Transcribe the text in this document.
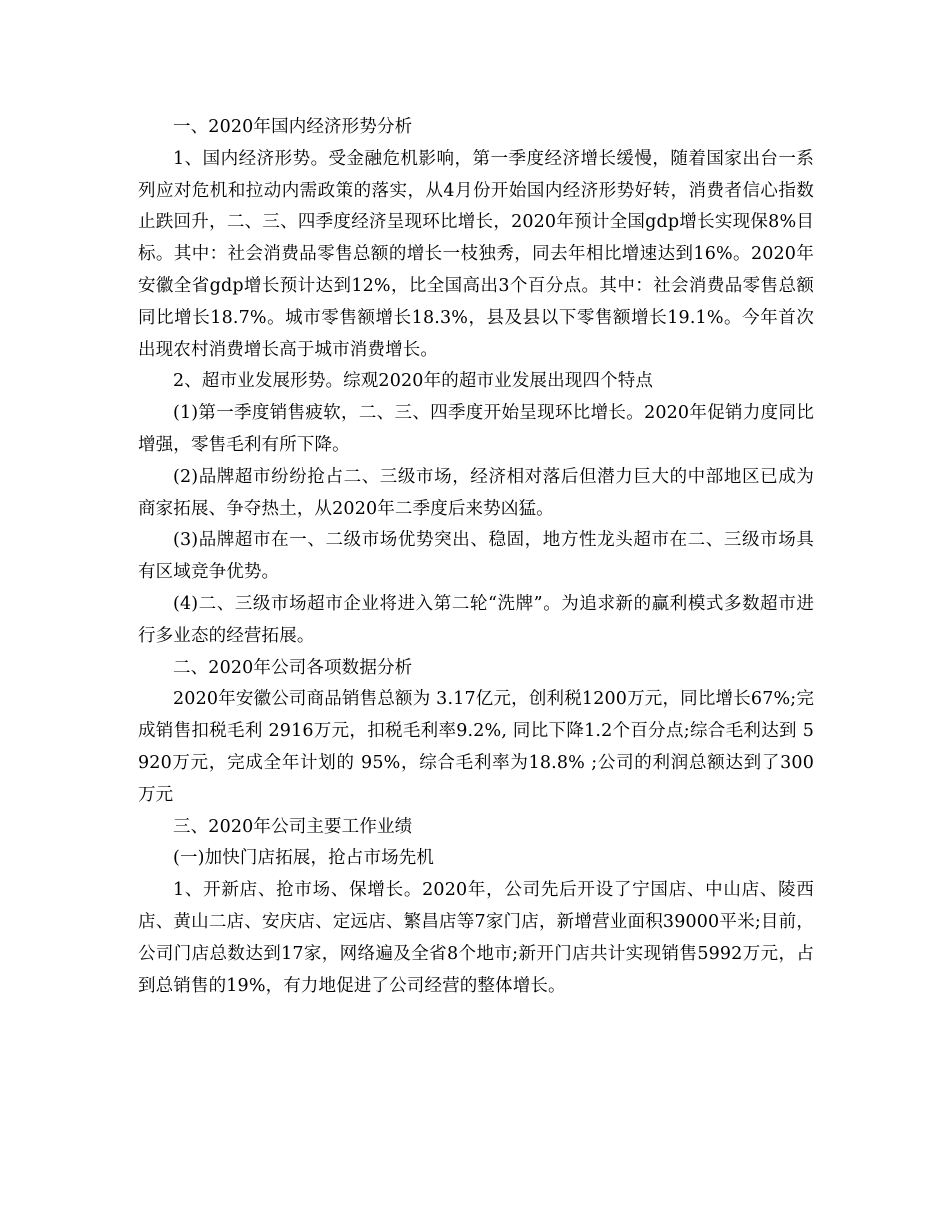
一、2020年国内经济形势分析

1、国内经济形势。受金融危机影响，第一季度经济增长缓慢，随着国家出台一系列应对危机和拉动内需政策的落实，从4月份开始国内经济形势好转，消费者信心指数止跌回升，二、三、四季度经济呈现环比增长，2020年预计全国gdp增长实现保8%目标。其中：社会消费品零售总额的增长一枝独秀，同去年相比增速达到16%。2020年安徽全省gdp增长预计达到12%，比全国高出3个百分点。其中：社会消费品零售总额同比增长18.7%。城市零售额增长18.3%，县及县以下零售额增长19.1%。今年首次出现农村消费增长高于城市消费增长。

2、超市业发展形势。综观2020年的超市业发展出现四个特点

(1)第一季度销售疲软，二、三、四季度开始呈现环比增长。2020年促销力度同比增强，零售毛利有所下降。

(2)品牌超市纷纷抢占二、三级市场，经济相对落后但潜力巨大的中部地区已成为商家拓展、争夺热土，从2020年二季度后来势凶猛。

(3)品牌超市在一、二级市场优势突出、稳固，地方性龙头超市在二、三级市场具有区域竞争优势。

(4)二、三级市场超市企业将进入第二轮“洗牌”。为追求新的赢利模式多数超市进行多业态的经营拓展。

二、2020年公司各项数据分析

2020年安徽公司商品销售总额为 3.17亿元，创利税1200万元，同比增长67%;完成销售扣税毛利 2916万元，扣税毛利率9.2%, 同比下降1.2个百分点;综合毛利达到 5920万元，完成全年计划的 95%，综合毛利率为18.8% ;公司的利润总额达到了300 万元

三、2020年公司主要工作业绩

(一)加快门店拓展，抢占市场先机

1、开新店、抢市场、保增长。2020年，公司先后开设了宁国店、中山店、陵西店、黄山二店、安庆店、定远店、繁昌店等7家门店，新增营业面积39000平米;目前，公司门店总数达到17家，网络遍及全省8个地市;新开门店共计实现销售5992万元，占到总销售的19%，有力地促进了公司经营的整体增长。
